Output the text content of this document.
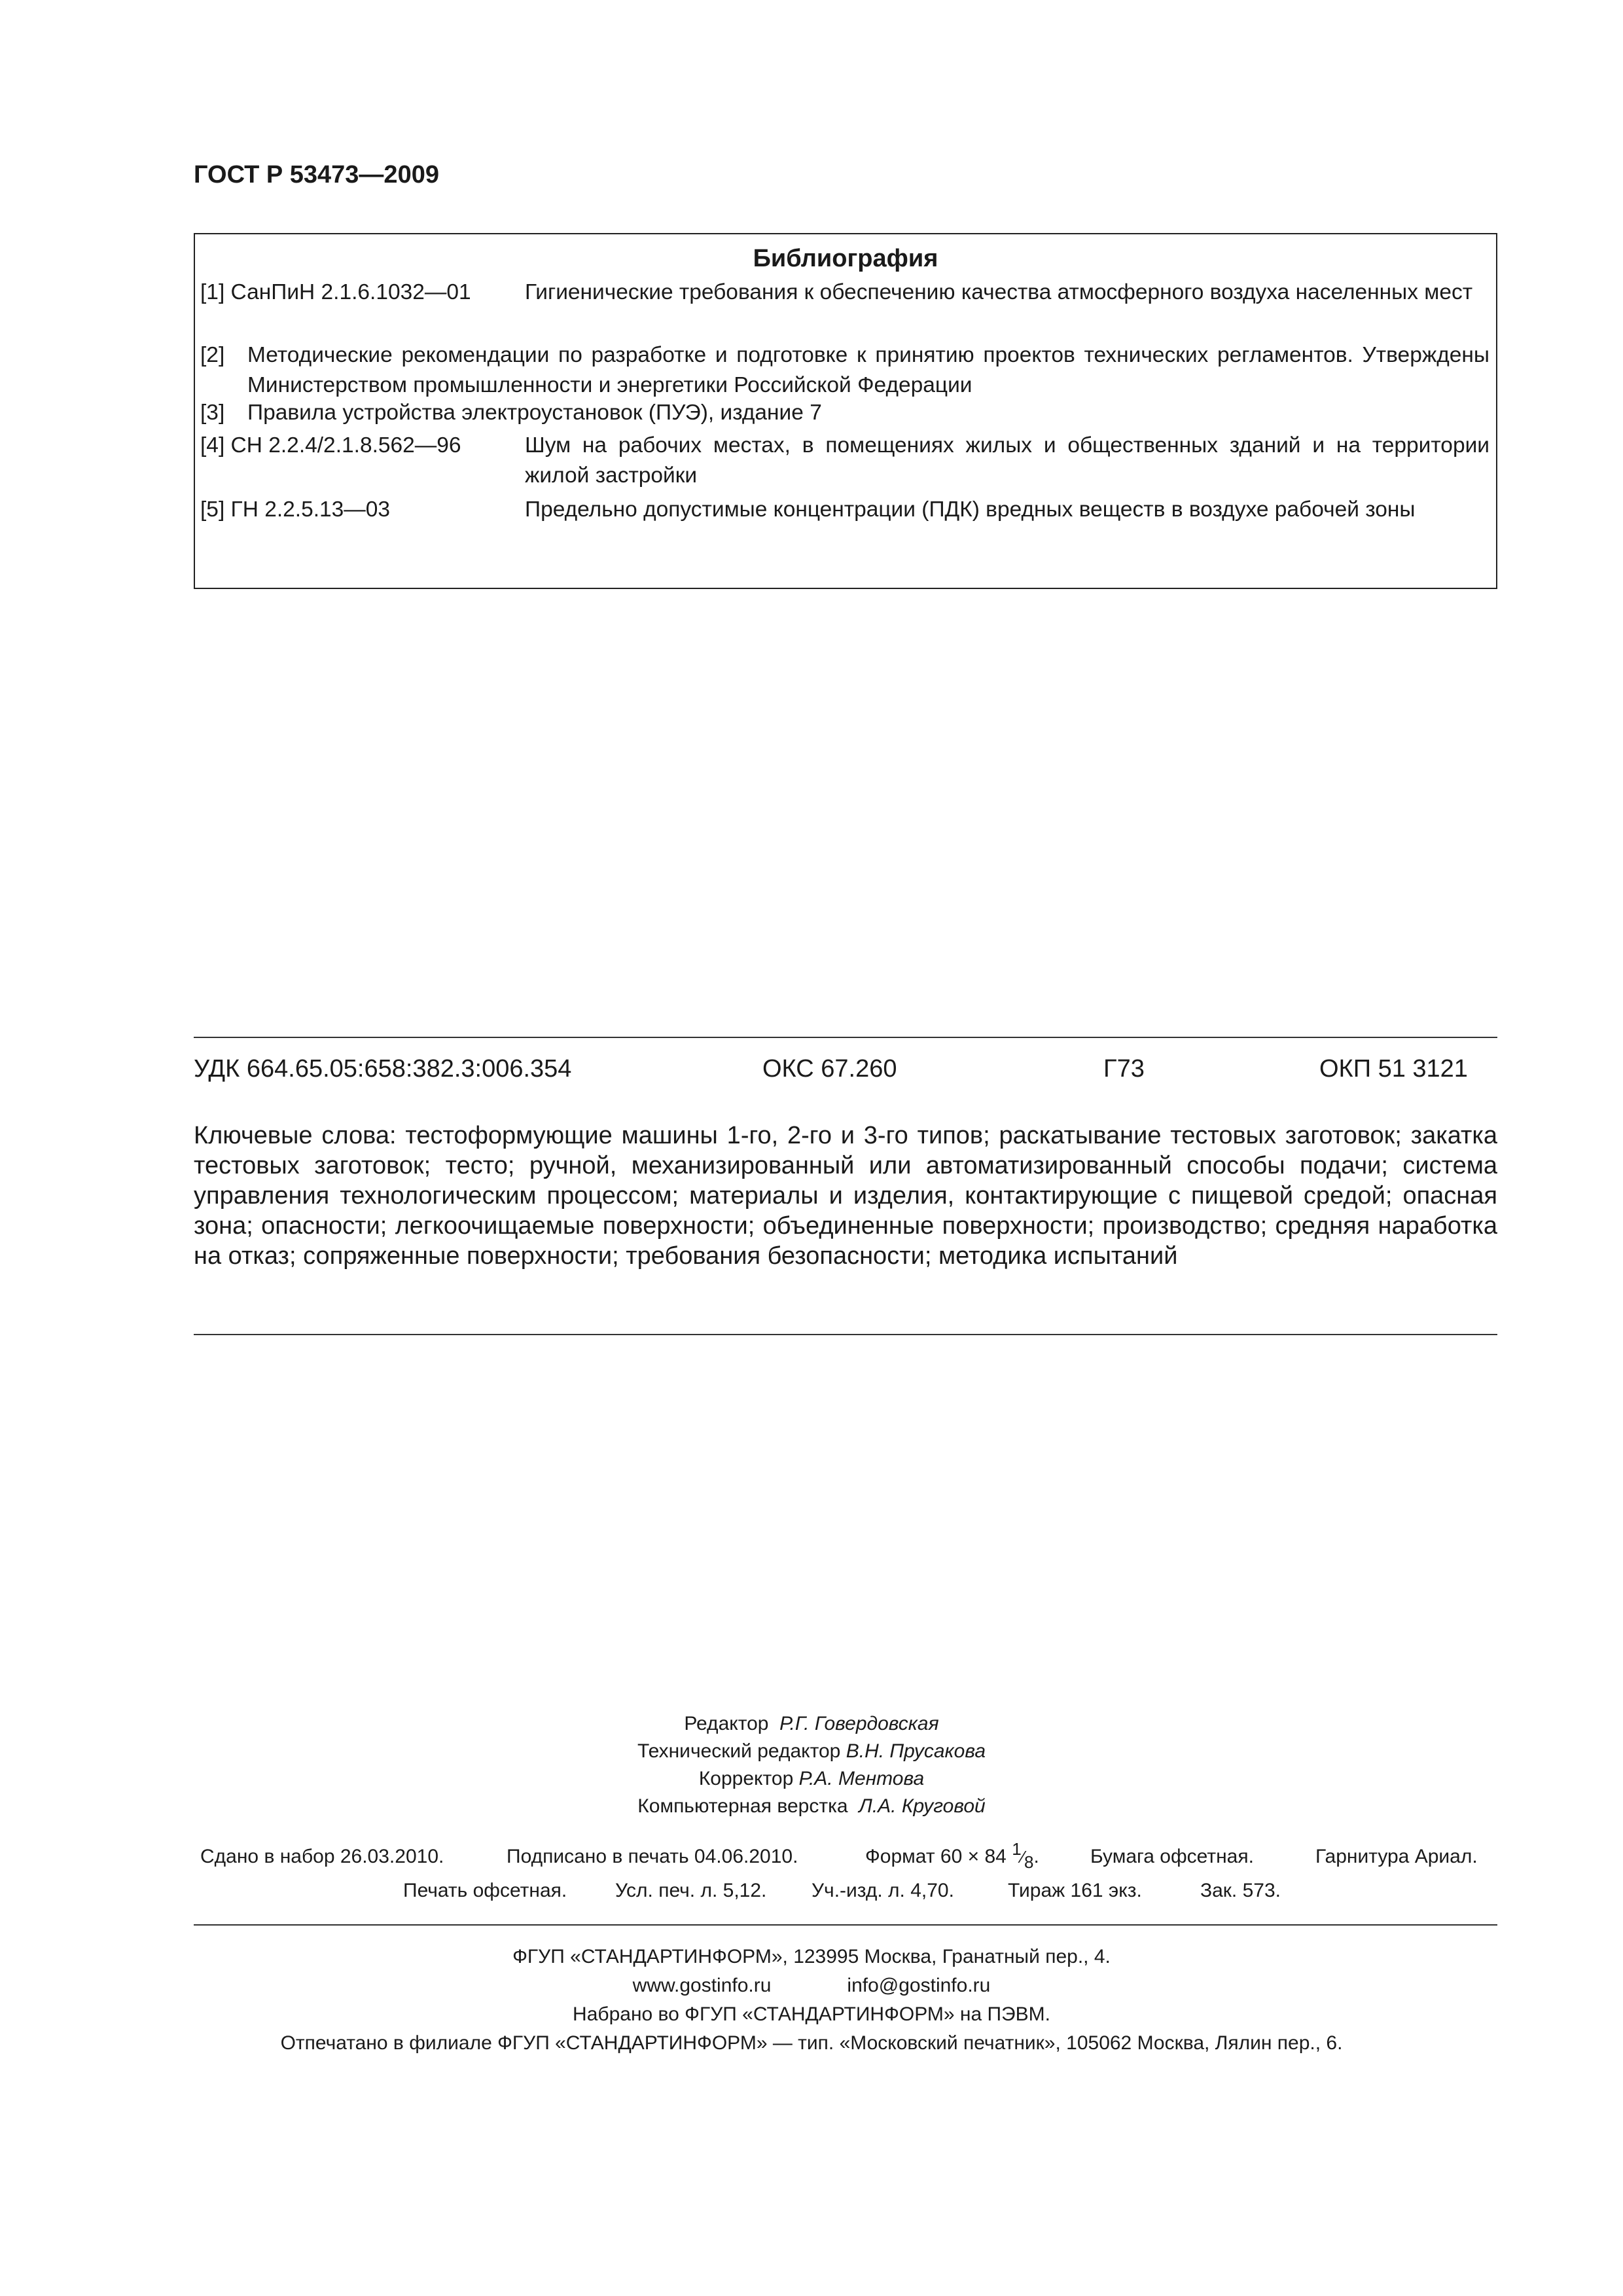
ГОСТ Р 53473—2009
Библиография
[1] СанПиН 2.1.6.1032—01 Гигиенические требования к обеспечению качества атмосферного воздуха населенных мест
[2] Методические рекомендации по разработке и подготовке к принятию проектов технических регламентов. Утверждены Министерством промышленности и энергетики Российской Федерации
[3] Правила устройства электроустановок (ПУЭ), издание 7
[4] СН 2.2.4/2.1.8.562—96	Шум на рабочих местах, в помещениях жилых и общественных зданий и на территории жилой застройки
[5] ГН 2.2.5.13—03	Предельно допустимые концентрации (ПДК) вредных веществ в воздухе рабочей зоны
УДК 664.65.05:658:382.3:006.354	ОКС 67.260	Г73	ОКП 51 3121
Ключевые слова: тестоформующие машины 1-го, 2-го и 3-го типов; раскатывание тестовых заготовок; закатка тестовых заготовок; тесто; ручной, механизированный или автоматизированный способы подачи; система управления технологическим процессом; материалы и изделия, контактирующие с пищевой средой; опасная зона; опасности; легкоочищаемые поверхности; объединенные поверхности; производство; средняя наработка на отказ; сопряженные поверхности; требования безопасности; методика испытаний
Редактор Р.Г. Говердовская
Технический редактор В.Н. Прусакова
Корректор Р.А. Ментова
Компьютерная верстка Л.А. Круговой
Сдано в набор 26.03.2010.	Подписано в печать 04.06.2010.	Формат 60 × 84 1⁄8.	Бумага офсетная.	Гарнитура Ариал.
Печать офсетная. Усл. печ. л. 5,12. Уч.-изд. л. 4,70.	Тираж 161 экз.	Зак. 573.
ФГУП «СТАНДАРТИНФОРМ», 123995 Москва, Гранатный пер., 4.
www.gostinfo.ru	info@gostinfo.ru
Набрано во ФГУП «СТАНДАРТИНФОРМ» на ПЭВМ.
Отпечатано в филиале ФГУП «СТАНДАРТИНФОРМ» — тип. «Московский печатник», 105062 Москва, Лялин пер., 6.
